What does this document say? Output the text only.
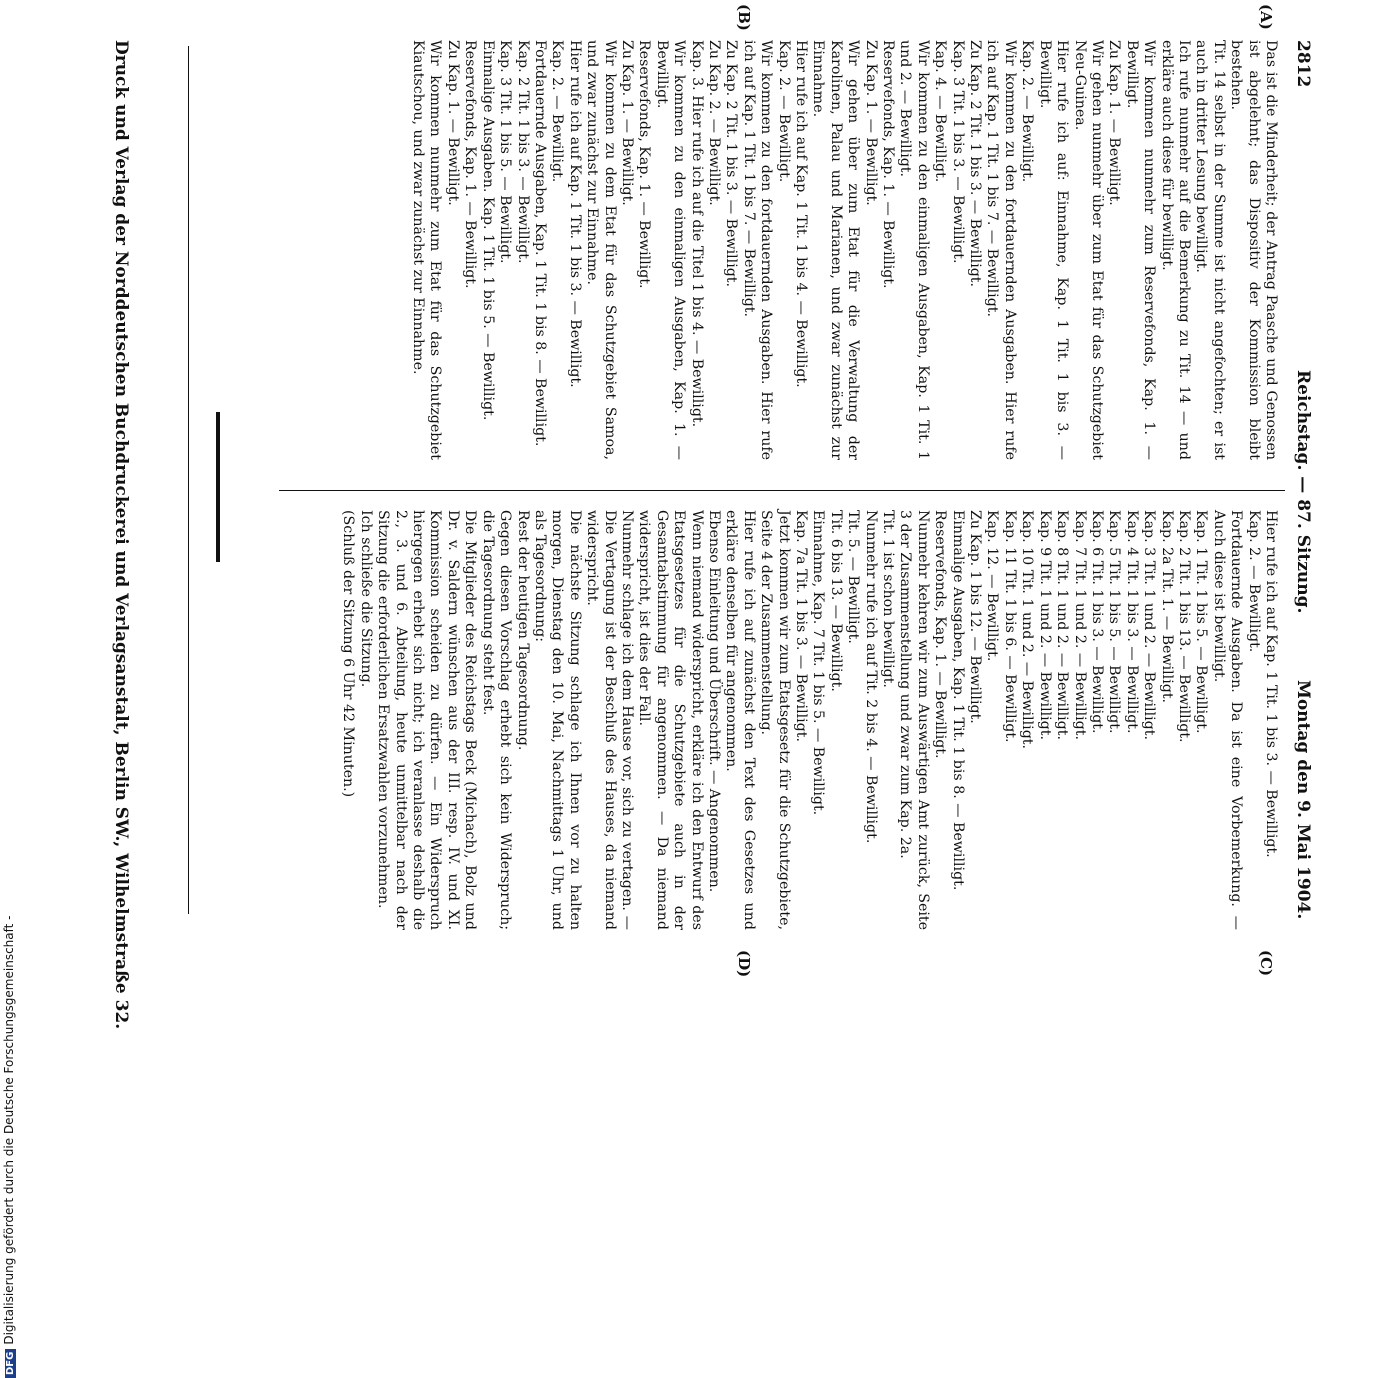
2812
Reichstag. — 87. Sitzung.
Montag den 9. Mai 1904.
(A)
(B)
(C)
(D)

Das ist die Minderheit; der Antrag Paasche und Genossen ist abgelehnt; das Dispositiv der Kommission bleibt bestehen.

Tit. 14 selbst in der Summe ist nicht angefochten; er ist auch in dritter Lesung bewilligt.

Ich rufe nunmehr auf die Bemerkung zu Tit. 14 — und erkläre auch diese für bewilligt.

Wir kommen nunmehr zum Reservefonds, Kap. 1. — Bewilligt.

Zu Kap. 1. — Bewilligt.

Wir gehen nunmehr über zum Etat für das Schutzgebiet Neu-Guinea.

Hier rufe ich auf: Einnahme, Kap. 1 Tit. 1 bis 3. — Bewilligt.

Kap. 2. — Bewilligt.

Wir kommen zu den fortdauernden Ausgaben. Hier rufe ich auf Kap. 1 Tit. 1 bis 7. — Bewilligt.

Zu Kap. 2 Tit. 1 bis 3. — Bewilligt.

Kap. 3 Tit. 1 bis 3. — Bewilligt.

Kap. 4. — Bewilligt.

Wir kommen zu den einmaligen Ausgaben, Kap. 1 Tit. 1 und 2. — Bewilligt.

Reservefonds, Kap. 1. — Bewilligt.

Zu Kap. 1. — Bewilligt.

Wir gehen über zum Etat für die Verwaltung der Karolinen, Palau und Marianen, und zwar zunächst zur Einnahme.

Hier rufe ich auf Kap. 1 Tit. 1 bis 4. — Bewilligt.

Kap. 2. — Bewilligt.

Wir kommen zu den fortdauernden Ausgaben. Hier rufe ich auf Kap. 1 Tit. 1 bis 7. — Bewilligt.

Zu Kap. 2 Tit. 1 bis 3. — Bewilligt.

Zu Kap. 2. — Bewilligt.

Kap. 3. Hier rufe ich auf die Titel 1 bis 4. — Bewilligt.

Wir kommen zu den einmaligen Ausgaben, Kap. 1. — Bewilligt.

Reservefonds, Kap. 1. — Bewilligt.

Zu Kap. 1. — Bewilligt.

Wir kommen zu dem Etat für das Schutzgebiet Samoa, und zwar zunächst zur Einnahme.

Hier rufe ich auf Kap. 1 Tit. 1 bis 3. — Bewilligt.

Kap. 2. — Bewilligt.

Fortdauernde Ausgaben, Kap. 1 Tit. 1 bis 8. — Bewilligt.

Kap. 2 Tit. 1 bis 3. — Bewilligt.

Kap. 3 Tit. 1 bis 5. — Bewilligt.

Einmalige Ausgaben. Kap. 1 Tit. 1 bis 5. — Bewilligt.

Reservefonds, Kap. 1. — Bewilligt.

Zu Kap. 1. — Bewilligt.

Wir kommen nunmehr zum Etat für das Schutzgebiet Kiautschou, und zwar zunächst zur Einnahme.

Hier rufe ich auf Kap. 1 Tit. 1 bis 3. — Bewilligt.

Kap. 2. — Bewilligt.

Fortdauernde Ausgaben. Da ist eine Vorbemerkung. — Auch diese ist bewilligt.

Kap. 1 Tit. 1 bis 5. — Bewilligt.

Kap. 2 Tit. 1 bis 13. — Bewilligt.

Kap. 2a Tit. 1. — Bewilligt.

Kap. 3 Tit. 1 und 2. — Bewilligt.

Kap. 4 Tit. 1 bis 3. — Bewilligt.

Kap. 5 Tit. 1 bis 5. — Bewilligt.

Kap. 6 Tit. 1 bis 3. — Bewilligt.

Kap. 7 Tit. 1 und 2. — Bewilligt.

Kap. 8 Tit. 1 und 2. — Bewilligt.

Kap. 9 Tit. 1 und 2. — Bewilligt.

Kap. 10 Tit. 1 und 2. — Bewilligt.

Kap. 11 Tit. 1 bis 6. — Bewilligt.

Kap. 12. — Bewilligt.

Zu Kap. 1 bis 12. — Bewilligt.

Einmalige Ausgaben, Kap. 1 Tit. 1 bis 8. — Bewilligt.

Reservefonds, Kap. 1. — Bewilligt.

Nunmehr kehren wir zum Auswärtigen Amt zurück, Seite 3 der Zusammenstellung und zwar zum Kap. 2a.

Tit. 1 ist schon bewilligt.

Nunmehr rufe ich auf Tit. 2 bis 4. — Bewilligt.

Tit. 5. — Bewilligt.

Tit. 6 bis 13. — Bewilligt.

Einnahme, Kap. 7 Tit. 1 bis 5. — Bewilligt.

Kap. 7a Tit. 1 bis 3. — Bewilligt.

Jetzt kommen wir zum Etatsgesetz für die Schutzgebiete, Seite 4 der Zusammenstellung.

Hier rufe ich auf zunächst den Text des Gesetzes und erkläre denselben für angenommen.

Ebenso Einleitung und Überschrift. — Angenommen.

Wenn niemand widerspricht, erkläre ich den Entwurf des Etatsgesetzes für die Schutzgebiete auch in der Gesamtabstimmung für angenommen. — Da niemand widerspricht, ist dies der Fall.

Nunmehr schlage ich dem Hause vor, sich zu vertagen. — Die Vertagung ist der Beschluß des Hauses, da niemand widerspricht.

Die nächste Sitzung schlage ich Ihnen vor zu halten morgen, Dienstag den 10. Mai, Nachmittags 1 Uhr, und als Tagesordnung:

Rest der heutigen Tagesordnung.

Gegen diesen Vorschlag erhebt sich kein Widerspruch; die Tagesordnung steht fest.

Die Mitglieder des Reichstags Beck (Michach), Bolz und Dr. v. Saldern wünschen aus der III. resp. IV. und XI. Kommission scheiden zu dürfen. — Ein Widerspruch hiergegen erhebt sich nicht; ich veranlasse deshalb die 2., 3. und 6. Abteilung, heute unmittelbar nach der Sitzung die erforderlichen Ersatzwahlen vorzunehmen.

Ich schließe die Sitzung.

(Schluß der Sitzung 6 Uhr 42 Minuten.)

Druck und Verlag der Norddeutschen Buchdruckerei und Verlagsanstalt, Berlin SW., Wilhelmstraße 32.
DFGDigitalisierung gefördert durch die Deutsche Forschungsgemeinschaft -
